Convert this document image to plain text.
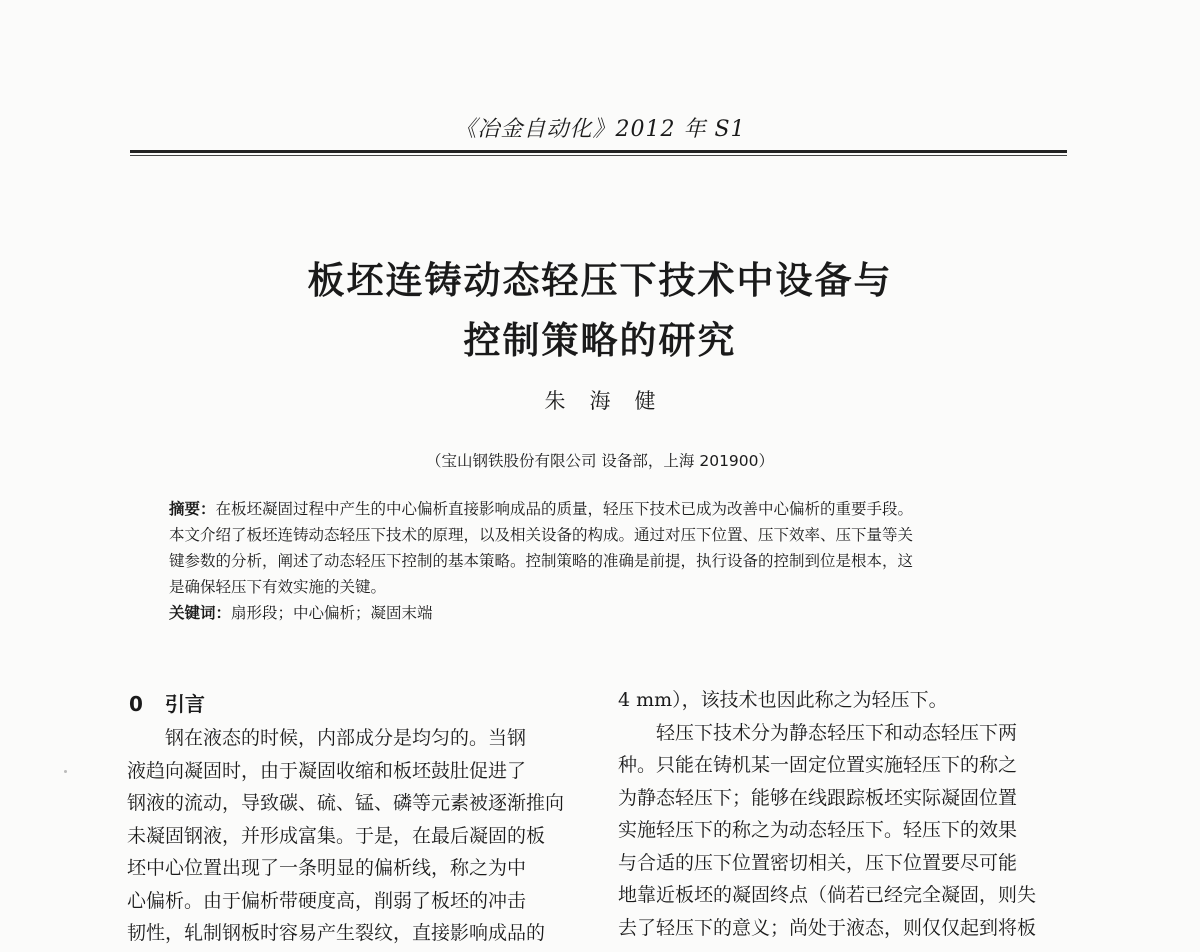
《冶金自动化》2012 年 S1
板坯连铸动态轻压下技术中设备与
控制策略的研究
朱海健
（宝山钢铁股份有限公司 设备部，上海 201900）
摘要：在板坯凝固过程中产生的中心偏析直接影响成品的质量，轻压下技术已成为改善中心偏析的重要手段。
本文介绍了板坯连铸动态轻压下技术的原理，以及相关设备的构成。通过对压下位置、压下效率、压下量等关
键参数的分析，阐述了动态轻压下控制的基本策略。控制策略的准确是前提，执行设备的控制到位是根本，这
是确保轻压下有效实施的关键。
关键词：扇形段；中心偏析；凝固末端
0 引言
钢在液态的时候，内部成分是均匀的。当钢
液趋向凝固时，由于凝固收缩和板坯鼓肚促进了
钢液的流动，导致碳、硫、锰、磷等元素被逐渐推向
未凝固钢液，并形成富集。于是，在最后凝固的板
坯中心位置出现了一条明显的偏析线，称之为中
心偏析。由于偏析带硬度高，削弱了板坯的冲击
韧性，轧制钢板时容易产生裂纹，直接影响成品的
4 mm），该技术也因此称之为轻压下。
轻压下技术分为静态轻压下和动态轻压下两
种。只能在铸机某一固定位置实施轻压下的称之
为静态轻压下；能够在线跟踪板坯实际凝固位置
实施轻压下的称之为动态轻压下。轻压下的效果
与合适的压下位置密切相关，压下位置要尽可能
地靠近板坯的凝固终点（倘若已经完全凝固，则失
去了轻压下的意义；尚处于液态，则仅仅起到将板
